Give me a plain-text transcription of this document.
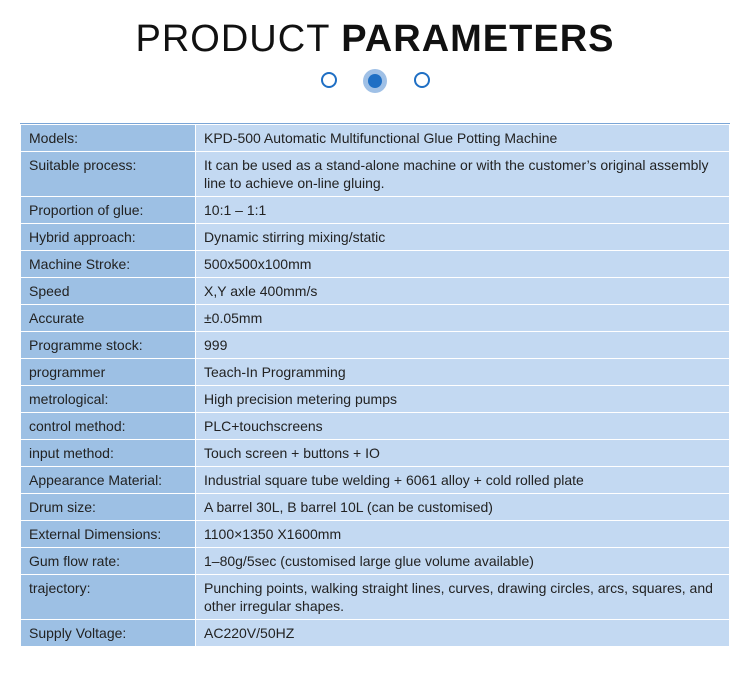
PRODUCT PARAMETERS
Models:	KPD-500 Automatic Multifunctional Glue Potting Machine
Suitable process:	It can be used as a stand-alone machine or with the customer’s original assembly line to achieve on-line gluing.
Proportion of glue:	10:1 – 1:1
Hybrid approach:	Dynamic stirring mixing/static
Machine Stroke:	500x500x100mm
Speed	X,Y axle 400mm/s
Accurate	±0.05mm
Programme stock:	999
programmer	Teach-In Programming
metrological:	High precision metering pumps
control method:	PLC+touchscreens
input method:	Touch screen + buttons + IO
Appearance Material:	Industrial square tube welding + 6061 alloy + cold rolled plate
Drum size:	A barrel 30L, B barrel 10L (can be customised)
External Dimensions:	1100×1350 X1600mm
Gum flow rate:	1–80g/5sec (customised large glue volume available)
trajectory:	Punching points, walking straight lines, curves, drawing circles, arcs, squares, and other irregular shapes.
Supply Voltage:	AC220V/50HZ
